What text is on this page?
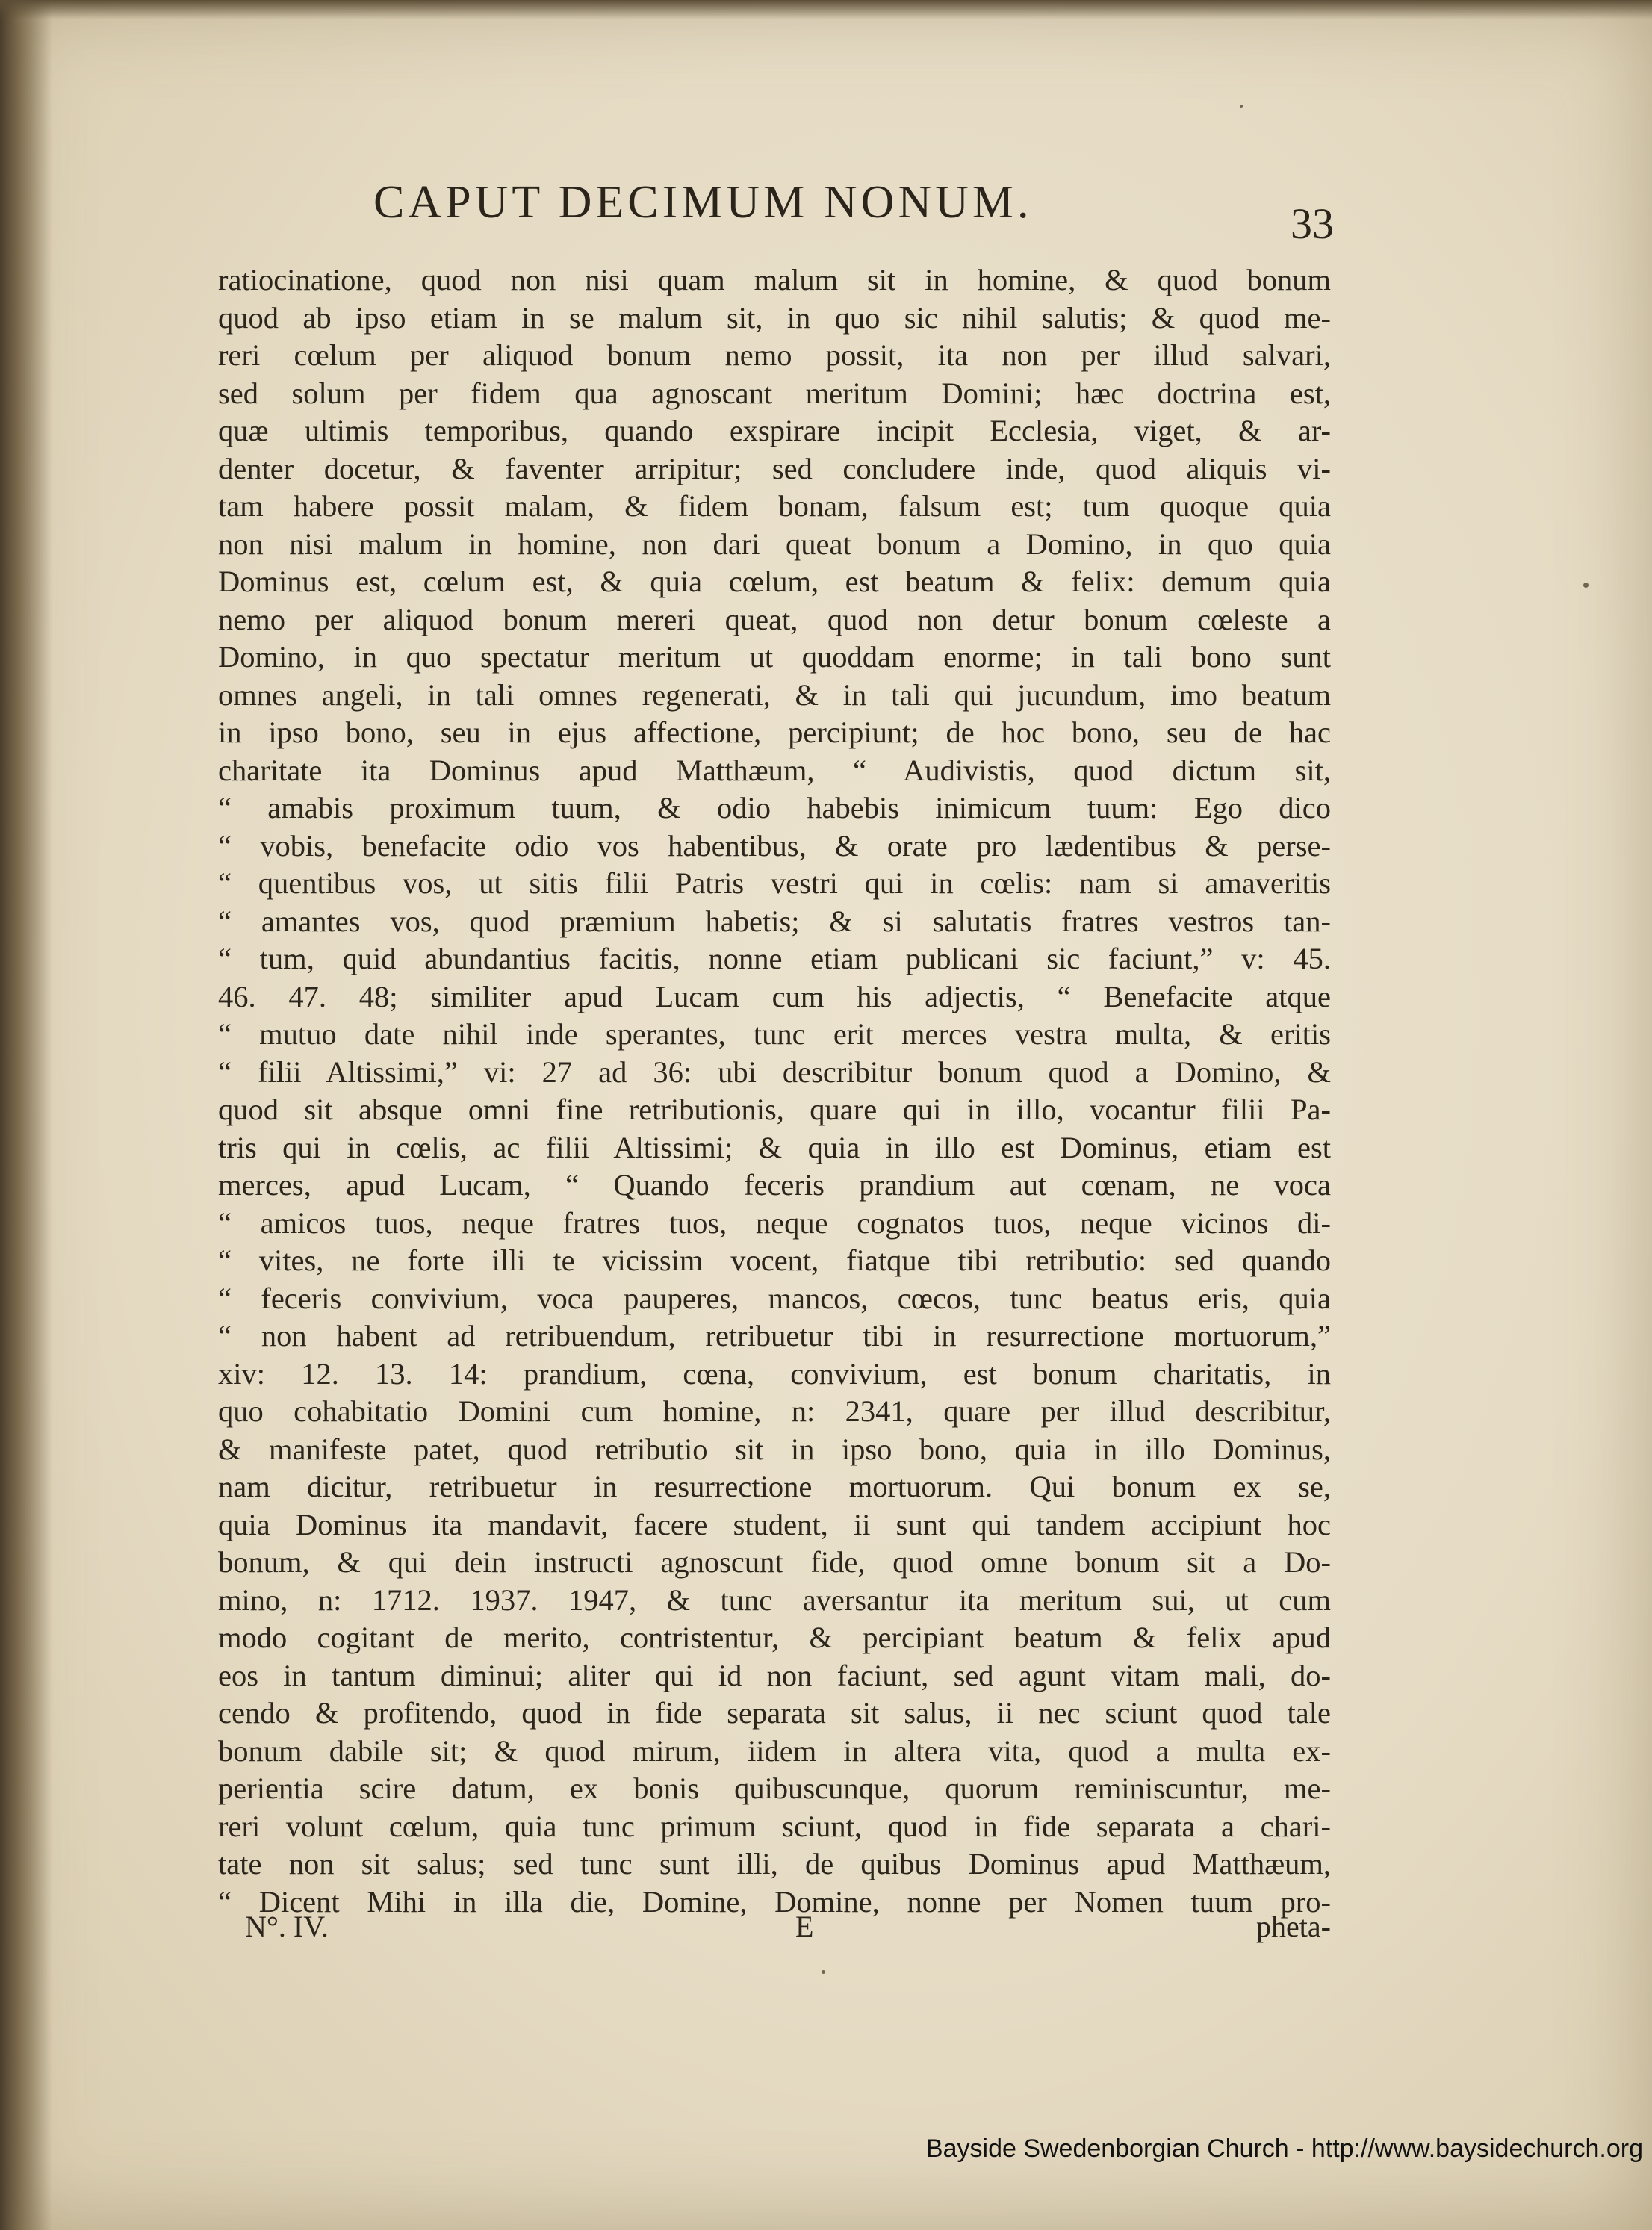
CAPUT DECIMUM NONUM.	33
ratiocinatione, quod non nisi quam malum sit in homine, & quod bonum
quod ab ipso etiam in se malum sit, in quo sic nihil salutis; & quod me-
reri cœlum per aliquod bonum nemo possit, ita non per illud salvari,
sed solum per fidem qua agnoscant meritum Domini; hæc doctrina est,
quæ ultimis temporibus, quando exspirare incipit Ecclesia, viget, & ar-
denter docetur, & faventer arripitur; sed concludere inde, quod aliquis vi-
tam habere possit malam, & fidem bonam, falsum est; tum quoque quia
non nisi malum in homine, non dari queat bonum a Domino, in quo quia
Dominus est, cœlum est, & quia cœlum, est beatum & felix: demum quia
nemo per aliquod bonum mereri queat, quod non detur bonum cœleste a
Domino, in quo spectatur meritum ut quoddam enorme; in tali bono sunt
omnes angeli, in tali omnes regenerati, & in tali qui jucundum, imo beatum
in ipso bono, seu in ejus affectione, percipiunt; de hoc bono, seu de hac
charitate ita Dominus apud Matthæum, “ Audivistis, quod dictum sit,
“ amabis proximum tuum, & odio habebis inimicum tuum: Ego dico
“ vobis, benefacite odio vos habentibus, & orate pro lædentibus & perse-
“ quentibus vos, ut sitis filii Patris vestri qui in cœlis: nam si amaveritis
“ amantes vos, quod præmium habetis; & si salutatis fratres vestros tan-
“ tum, quid abundantius facitis, nonne etiam publicani sic faciunt,” v: 45.
46. 47. 48; similiter apud Lucam cum his adjectis, “ Benefacite atque
“ mutuo date nihil inde sperantes, tunc erit merces vestra multa, & eritis
“ filii Altissimi,” vi: 27 ad 36: ubi describitur bonum quod a Domino, &
quod sit absque omni fine retributionis, quare qui in illo, vocantur filii Pa-
tris qui in cœlis, ac filii Altissimi; & quia in illo est Dominus, etiam est
merces, apud Lucam, “ Quando feceris prandium aut cœnam, ne voca
“ amicos tuos, neque fratres tuos, neque cognatos tuos, neque vicinos di-
“ vites, ne forte illi te vicissim vocent, fiatque tibi retributio: sed quando
“ feceris convivium, voca pauperes, mancos, cœcos, tunc beatus eris, quia
“ non habent ad retribuendum, retribuetur tibi in resurrectione mortuorum,”
xiv: 12. 13. 14: prandium, cœna, convivium, est bonum charitatis, in
quo cohabitatio Domini cum homine, n: 2341, quare per illud describitur,
& manifeste patet, quod retributio sit in ipso bono, quia in illo Dominus,
nam dicitur, retribuetur in resurrectione mortuorum. Qui bonum ex se,
quia Dominus ita mandavit, facere student, ii sunt qui tandem accipiunt hoc
bonum, & qui dein instructi agnoscunt fide, quod omne bonum sit a Do-
mino, n: 1712. 1937. 1947, & tunc aversantur ita meritum sui, ut cum
modo cogitant de merito, contristentur, & percipiant beatum & felix apud
eos in tantum diminui; aliter qui id non faciunt, sed agunt vitam mali, do-
cendo & profitendo, quod in fide separata sit salus, ii nec sciunt quod tale
bonum dabile sit; & quod mirum, iidem in altera vita, quod a multa ex-
perientia scire datum, ex bonis quibuscunque, quorum reminiscuntur, me-
reri volunt cœlum, quia tunc primum sciunt, quod in fide separata a chari-
tate non sit salus; sed tunc sunt illi, de quibus Dominus apud Matthæum,
“ Dicent Mihi in illa die, Domine, Domine, nonne per Nomen tuum pro-
N°. IV.	E	pheta-
Bayside Swedenborgian Church - http://www.baysidechurch.org
